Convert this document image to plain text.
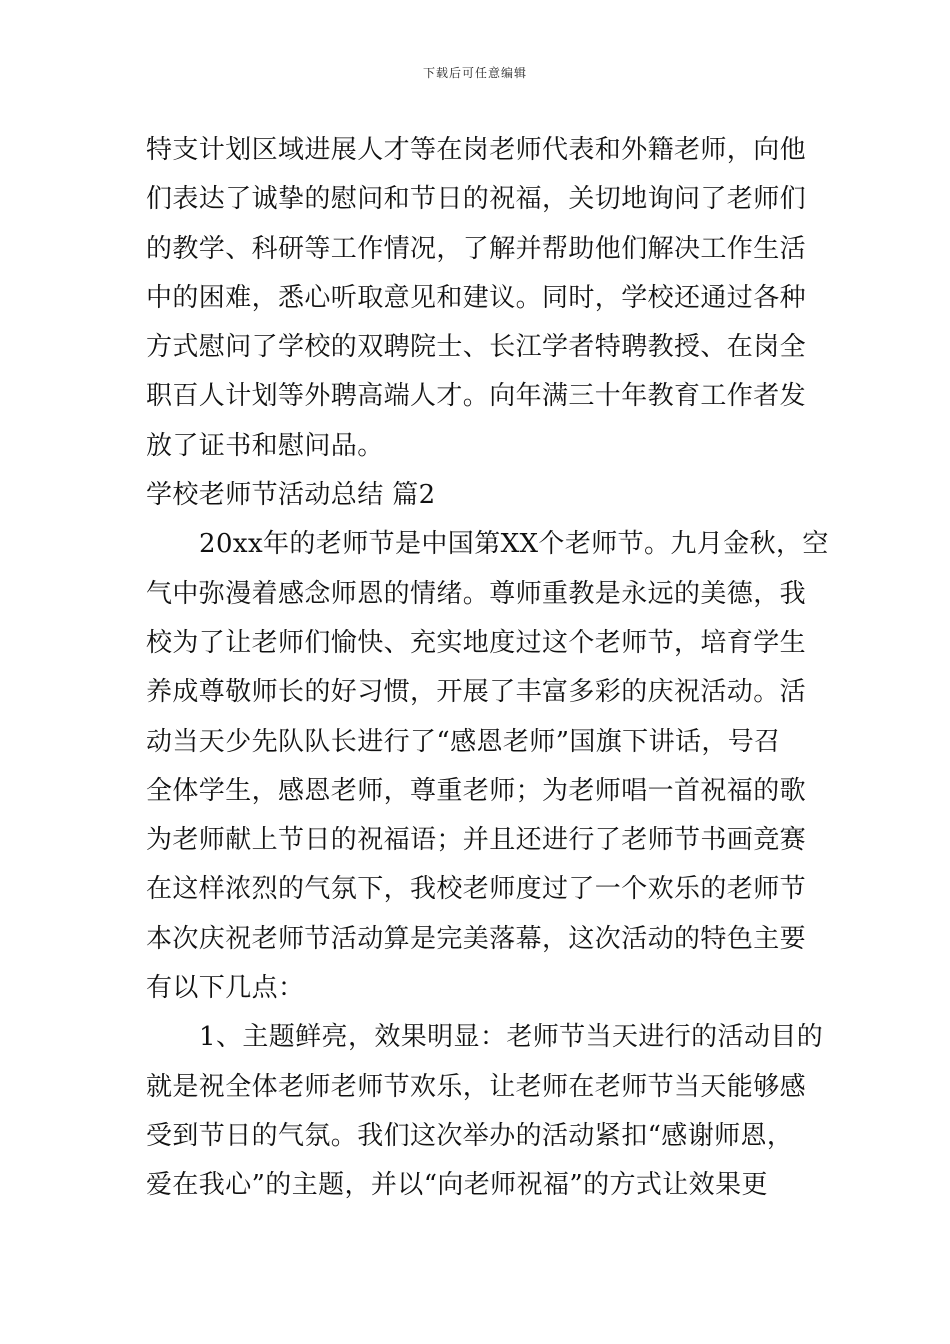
下载后可任意编辑
特支计划区域进展人才等在岗老师代表和外籍老师，向他
们表达了诚挚的慰问和节日的祝福，关切地询问了老师们
的教学、科研等工作情况，了解并帮助他们解决工作生活
中的困难，悉心听取意见和建议。同时，学校还通过各种
方式慰问了学校的双聘院士、长江学者特聘教授、在岗全
职百人计划等外聘高端人才。向年满三十年教育工作者发
放了证书和慰问品。
学校老师节活动总结 篇2
20xx年的老师节是中国第XX个老师节。九月金秋，空
气中弥漫着感念师恩的情绪。尊师重教是永远的美德，我
校为了让老师们愉快、充实地度过这个老师节，培育学生
养成尊敬师长的好习惯，开展了丰富多彩的庆祝活动。活
动当天少先队队长进行了“感恩老师”国旗下讲话，号召
全体学生，感恩老师，尊重老师；为老师唱一首祝福的歌
为老师献上节日的祝福语；并且还进行了老师节书画竞赛
在这样浓烈的气氛下，我校老师度过了一个欢乐的老师节
本次庆祝老师节活动算是完美落幕，这次活动的特色主要
有以下几点：
1、主题鲜亮，效果明显：老师节当天进行的活动目的
就是祝全体老师老师节欢乐，让老师在老师节当天能够感
受到节日的气氛。我们这次举办的活动紧扣“感谢师恩，
爱在我心”的主题，并以“向老师祝福”的方式让效果更
